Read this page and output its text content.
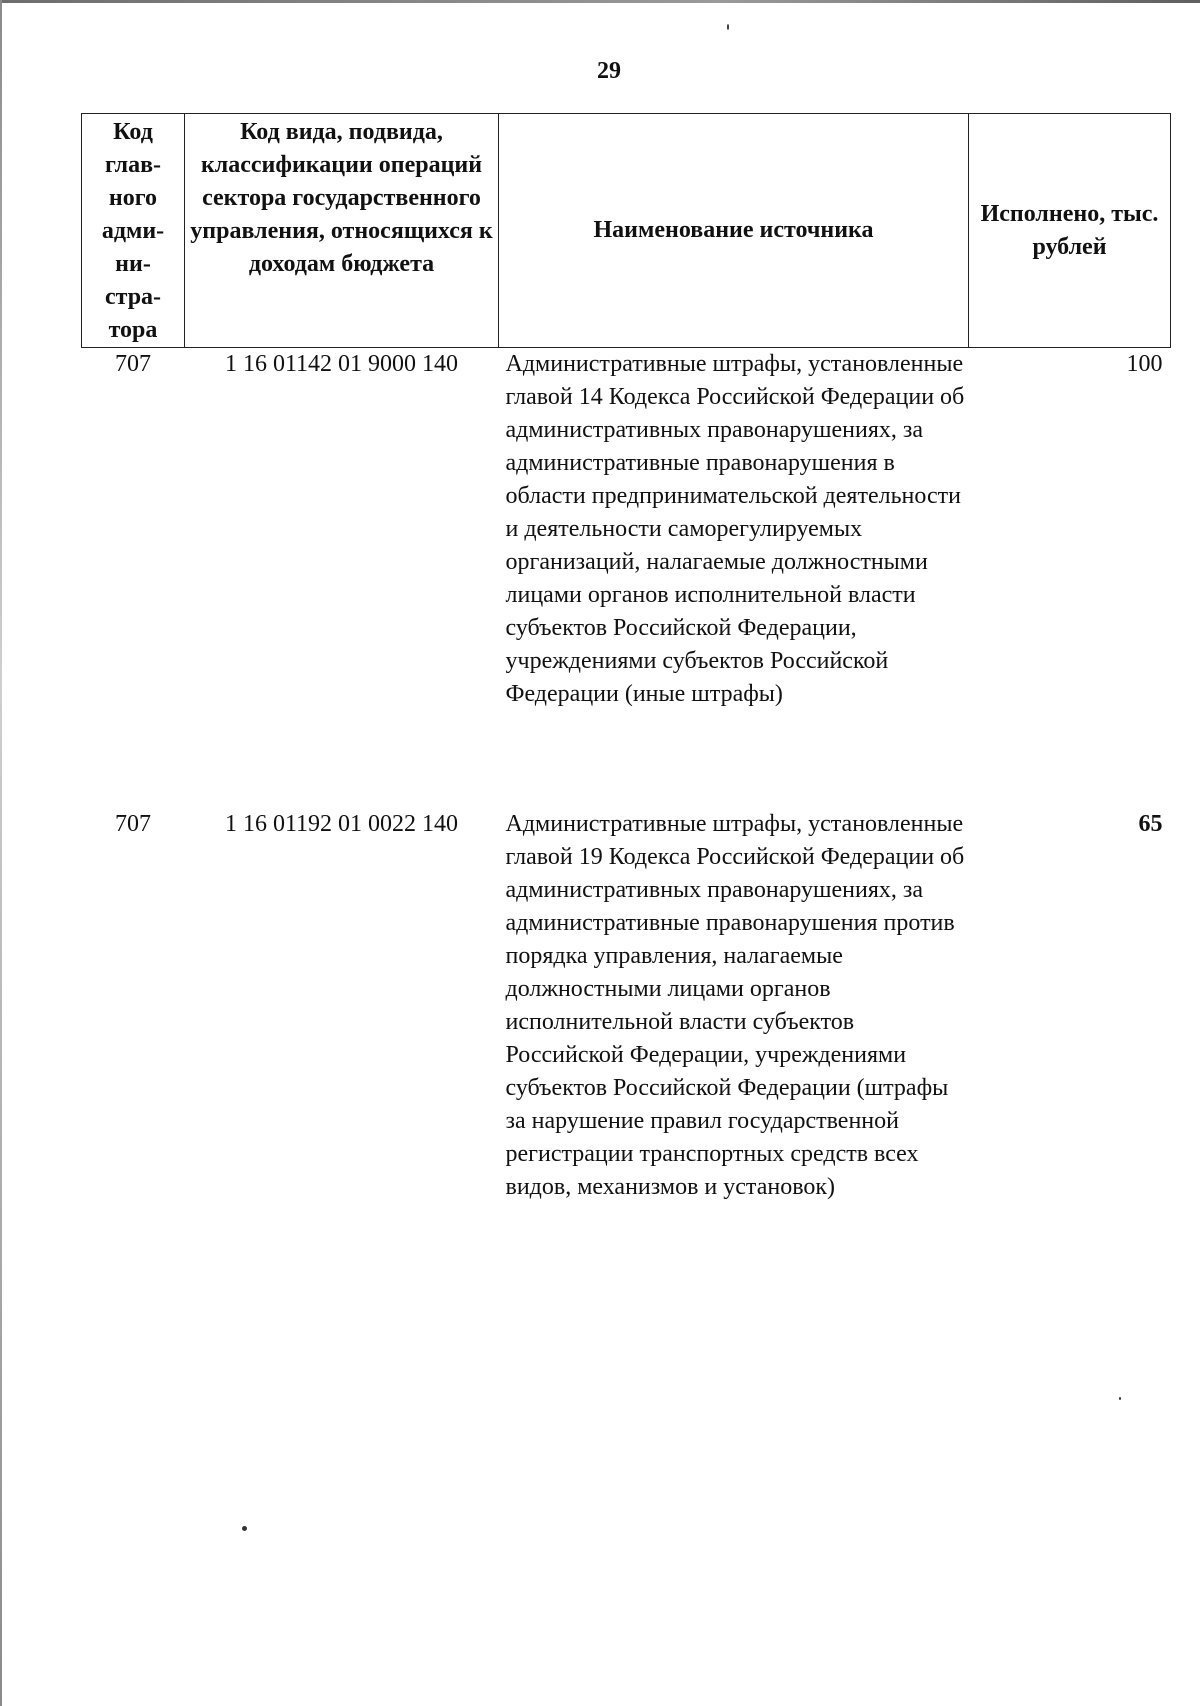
29
Код глав- ного адми- ни- стра- тора	Код вида, подвида, классификации операций сектора государственного управления, относящихся к доходам бюджета	Наименование источника	Исполнено, тыс. рублей
707	1 16 01142 01 9000 140	Административные штрафы, установленные главой 14 Кодекса Российской Федерации об административных правонарушениях, за административные правонарушения в области предпринимательской деятельности и деятельности саморегулируемых организаций, налагаемые должностными лицами органов исполнительной власти субъектов Российской Федерации, учреждениями субъектов Российской Федерации (иные штрафы)	100
707	1 16 01192 01 0022 140	Административные штрафы, установленные главой 19 Кодекса Российской Федерации об административных правонарушениях, за административные правонарушения против порядка управления, налагаемые должностными лицами органов исполнительной власти субъектов Российской Федерации, учреждениями субъектов Российской Федерации (штрафы за нарушение правил государственной регистрации транспортных средств всех видов, механизмов и установок)	65
